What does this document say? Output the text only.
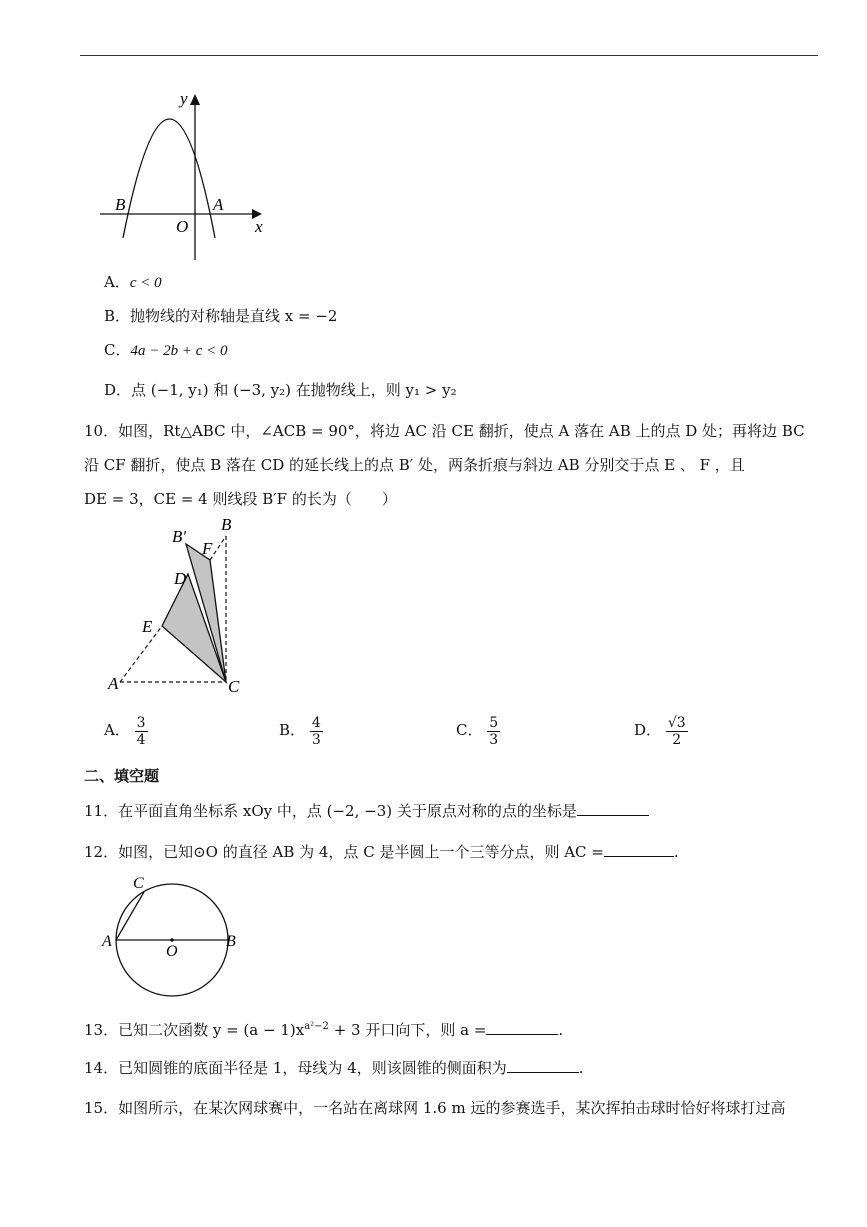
y
x
O
A
B
A．c < 0
B．抛物线的对称轴是直线 x = −2
C．4a − 2b + c < 0
D．点 (−1, y₁) 和 (−3, y₂) 在抛物线上，则 y₁ > y₂
10．如图，Rt△ABC 中，∠ACB = 90°，将边 AC 沿 CE 翻折，使点 A 落在 AB 上的点 D 处；再将边 BC
沿 CF 翻折，使点 B 落在 CD 的延长线上的点 B′ 处，两条折痕与斜边 AB 分别交于点 E 、 F ，且
DE = 3，CE = 4 则线段 B′F 的长为（　　）
B′
B
F
D
E
A	C
A． $\frac{3}{4}$	B． $\frac{4}{3}$	C． $\frac{5}{3}$	D． $\frac{√3}{2}$
二、填空题
11．在平面直角坐标系 xOy 中，点 (−2, −3) 关于原点对称的点的坐标是
12．如图，已知⊙O 的直径 AB 为 4，点 C 是半圆上一个三等分点，则 AC =	.
C
A	B
O
13．已知二次函数 $y = (a - 1)x^{a^2-2} + 3$ 开口向下，则 a =	.
14．已知圆锥的底面半径是 1，母线为 4，则该圆锥的侧面积为	.
15．如图所示，在某次网球赛中，一名站在离球网 1.6 m 远的参赛选手，某次挥拍击球时恰好将球打过高
